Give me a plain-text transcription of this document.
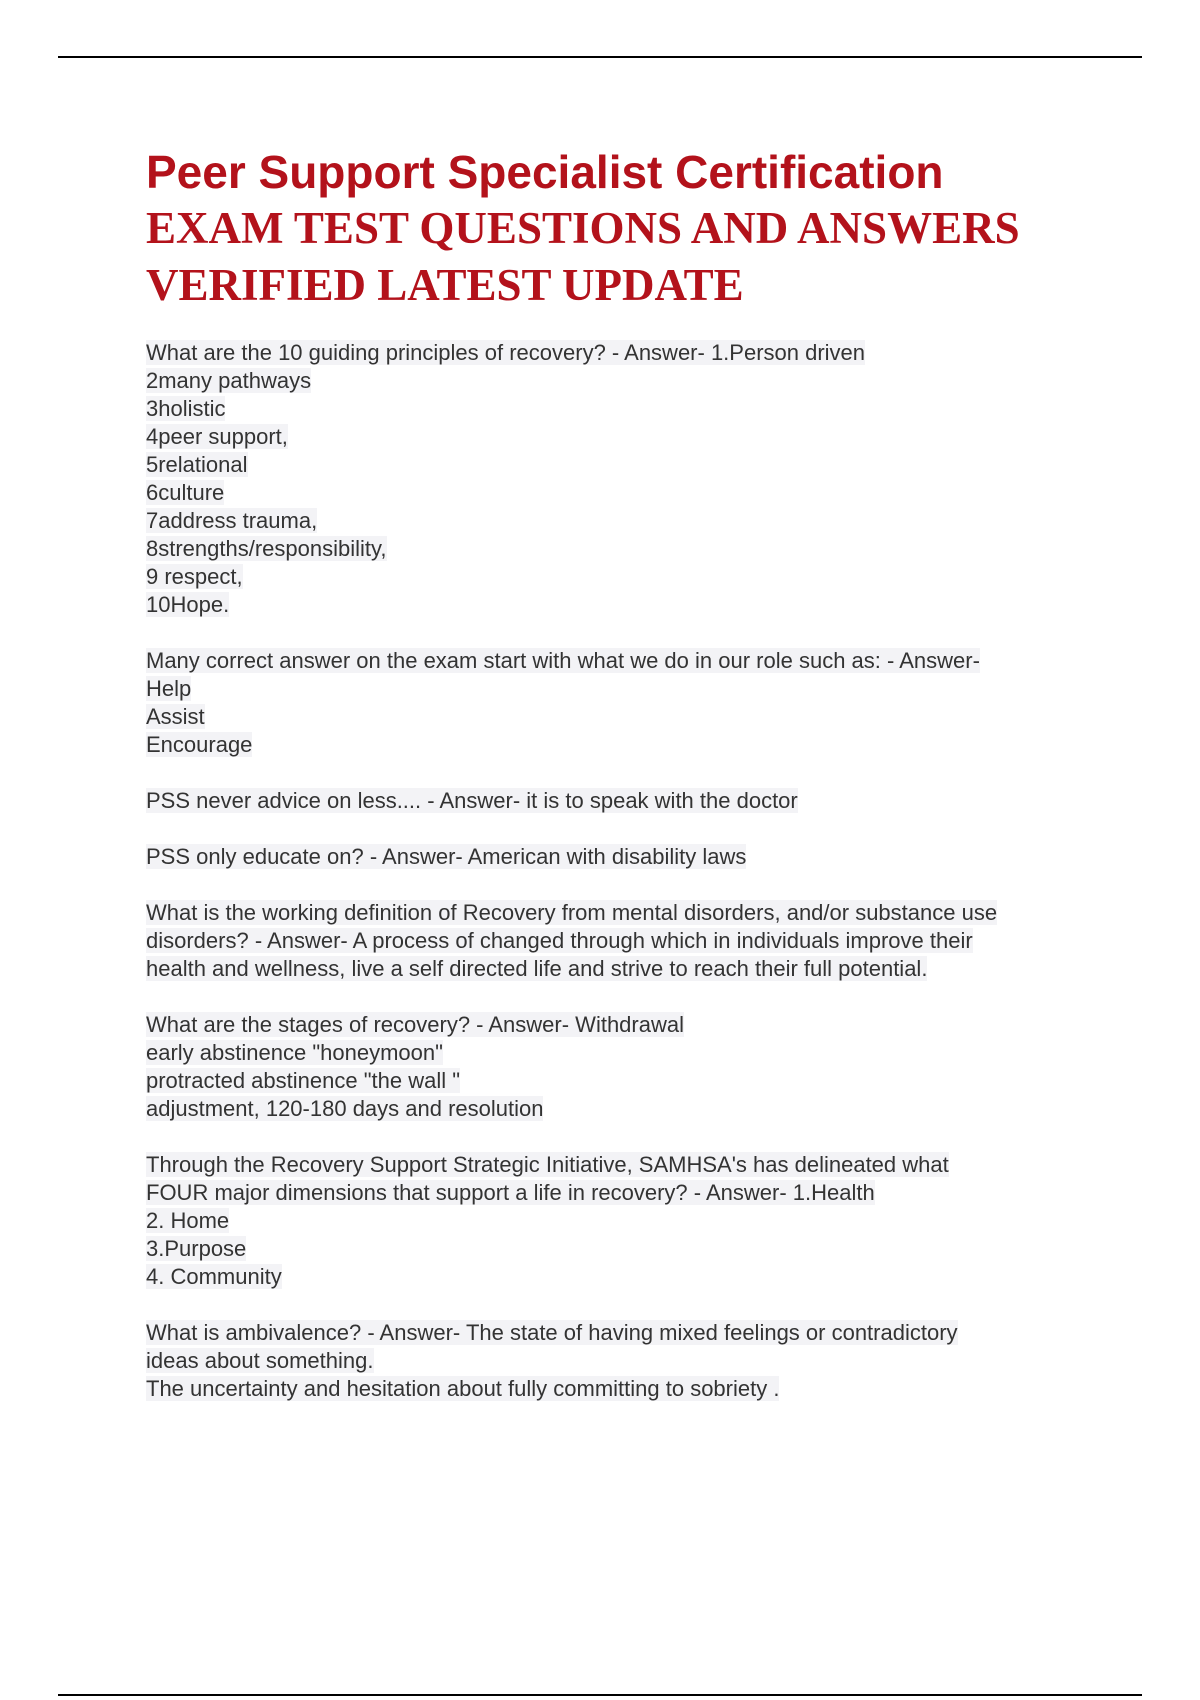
Peer Support Specialist Certification

EXAM TEST QUESTIONS AND ANSWERS

VERIFIED LATEST UPDATE

What are the 10 guiding principles of recovery? - Answer- 1.Person driven
2many pathways
3holistic
4peer support,
5relational
6culture
7address trauma,
8strengths/responsibility,
9 respect,
10Hope.
Many correct answer on the exam start with what we do in our role such as: - Answer-
Help
Assist
Encourage
PSS never advice on less.... - Answer- it is to speak with the doctor
PSS only educate on? - Answer- American with disability laws
What is the working definition of Recovery from mental disorders, and/or substance use
disorders? - Answer- A process of changed through which in individuals improve their
health and wellness, live a self directed life and strive to reach their full potential.
What are the stages of recovery? - Answer- Withdrawal
early abstinence "honeymoon"
protracted abstinence "the wall "
adjustment, 120-180 days and resolution
Through the Recovery Support Strategic Initiative, SAMHSA's has delineated what
FOUR major dimensions that support a life in recovery? - Answer- 1.Health
2. Home
3.Purpose
4. Community
What is ambivalence? - Answer- The state of having mixed feelings or contradictory
ideas about something.
The uncertainty and hesitation about fully committing to sobriety .
